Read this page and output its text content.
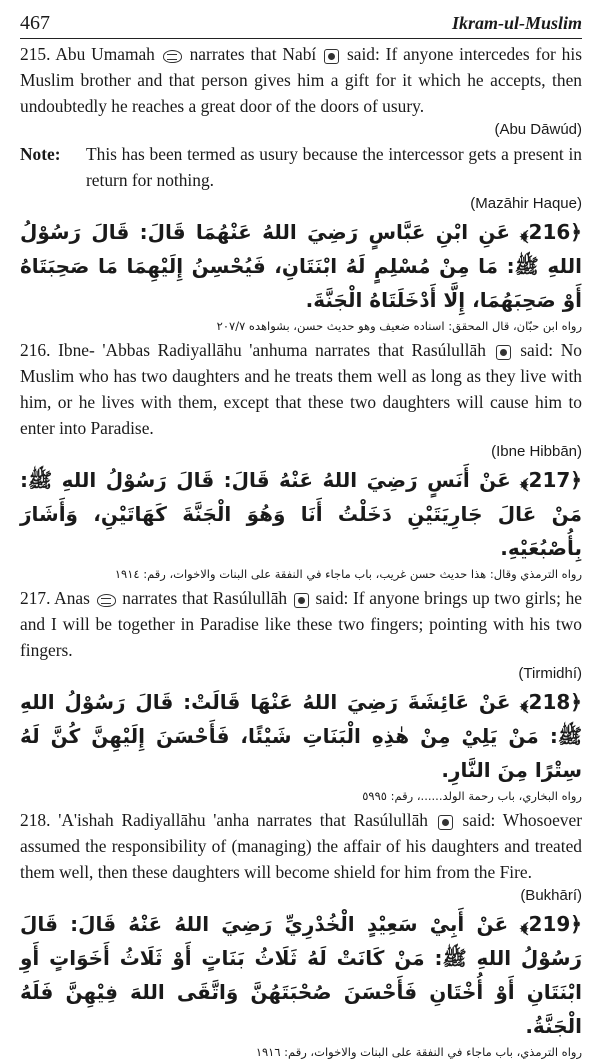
467	Ikram-ul-Muslim
215. Abu Umamah narrates that Nabí said: If anyone intercedes for his Muslim brother and that person gives him a gift for it which he accepts, then undoubtedly he reaches a great door of the doors of usury.
(Abu Dāwúd)
Note:	This has been termed as usury because the intercessor gets a present in return for nothing.
(Mazāhir Haque)
﴿216﴾ عَنِ ابْنِ عَبَّاسٍ رَضِيَ اللهُ عَنْهُمَا قَالَ: قَالَ رَسُوْلُ اللهِ ﷺ: مَا مِنْ مُسْلِمٍ لَهُ ابْنَتَانِ، فَيُحْسِنُ إِلَيْهِمَا مَا صَحِبَتَاهُ أَوْ صَحِبَهُمَا، إِلَّا أَدْخَلَتَاهُ الْجَنَّةَ.
رواه ابن حبّان، قال المحقق: اسناده ضعيف وهو حديث حسن، بشواهده ٢٠٧/٧
216. Ibne- 'Abbas Radiyallāhu 'anhuma narrates that Rasúlullāh said: No Muslim who has two daughters and he treats them well as long as they live with him, or he lives with them, except that these two daughters will cause him to enter into Paradise.
(Ibne Hibbān)
﴿217﴾ عَنْ أَنَسٍ رَضِيَ اللهُ عَنْهُ قَالَ: قَالَ رَسُوْلُ اللهِ ﷺ: مَنْ عَالَ جَارِيَتَيْنِ دَخَلْتُ أَنَا وَهُوَ الْجَنَّةَ كَهَاتَيْنِ، وَأَشَارَ بِأُصْبُعَيْهِ.
رواه الترمذي وقال: هذا حديث حسن غريب، باب ماجاء في النفقة على البنات والاخوات، رقم: ١٩١٤
217. Anas narrates that Rasúlullāh said: If anyone brings up two girls; he and I will be together in Paradise like these two fingers; pointing with his two fingers.
(Tirmidhí)
﴿218﴾ عَنْ عَائِشَةَ رَضِيَ اللهُ عَنْهَا قَالَتْ: قَالَ رَسُوْلُ اللهِ ﷺ: مَنْ يَلِيْ مِنْ هٰذِهِ الْبَنَاتِ شَيْئًا، فَأَحْسَنَ إِلَيْهِنَّ كُنَّ لَهُ سِتْرًا مِنَ النَّارِ.
رواه البخاري، باب رحمة الولد......، رقم: ٥٩٩٥
218. 'A'ishah Radiyallāhu 'anha narrates that Rasúlullāh said: Whosoever assumed the responsibility of (managing) the affair of his daughters and treated them well, then these daughters will become shield for him from the Fire.
(Bukhārí)
﴿219﴾ عَنْ أَبِيْ سَعِيْدٍ الْخُدْرِيِّ رَضِيَ اللهُ عَنْهُ قَالَ: قَالَ رَسُوْلُ اللهِ ﷺ: مَنْ كَانَتْ لَهُ ثَلَاثُ بَنَاتٍ أَوْ ثَلَاثُ أَخَوَاتٍ أَوِ ابْنَتَانِ أَوْ أُخْتَانِ فَأَحْسَنَ صُحْبَتَهُنَّ وَاتَّقَى اللهَ فِيْهِنَّ فَلَهُ الْجَنَّةُ.
رواه الترمذي، باب ماجاء في النفقة على البنات والاخوات، رقم: ١٩١٦
